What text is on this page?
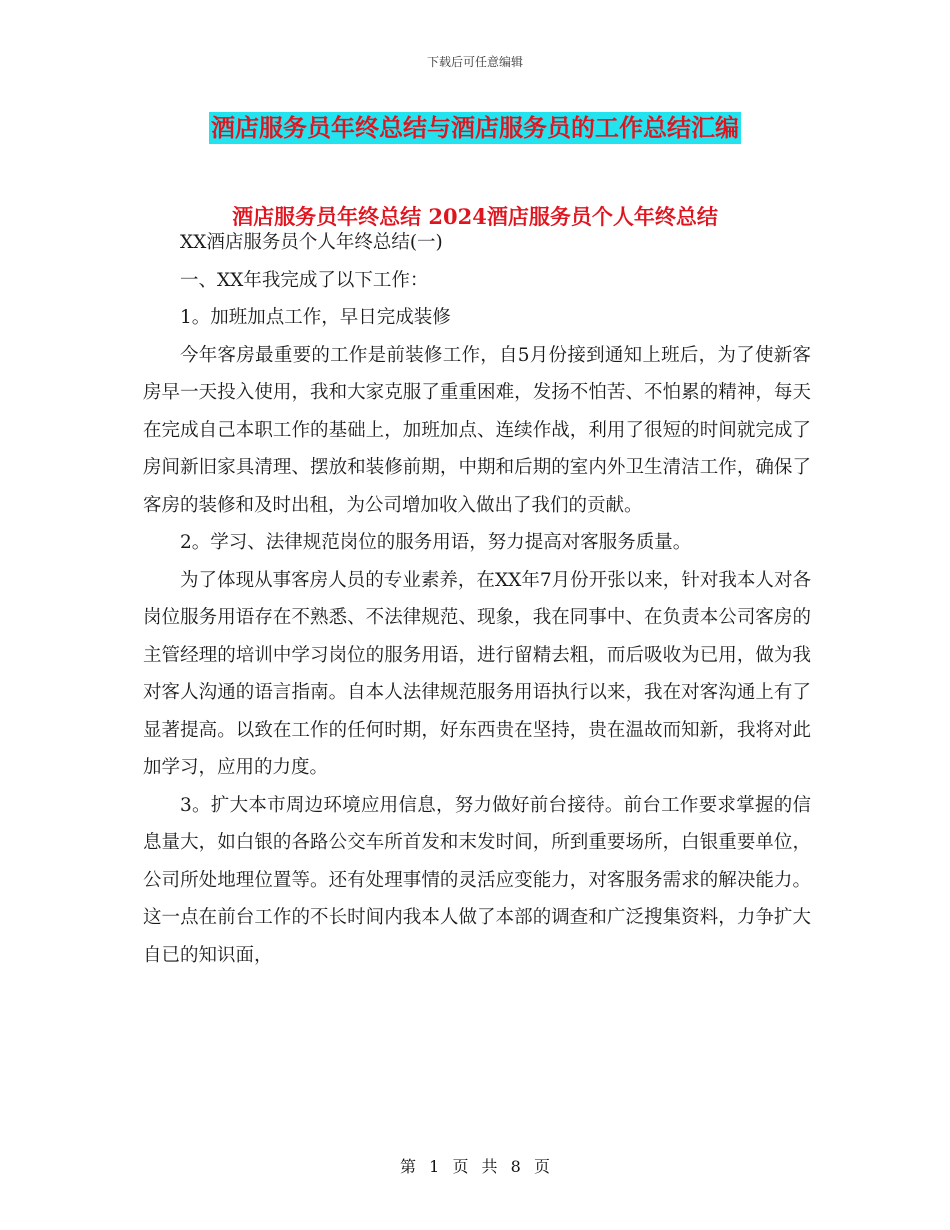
下载后可任意编辑
酒店服务员年终总结与酒店服务员的工作总结汇编
酒店服务员年终总结 2024酒店服务员个人年终总结

XX酒店服务员个人年终总结(一)

一、XX年我完成了以下工作：

1。加班加点工作，早日完成装修

今年客房最重要的工作是前装修工作，自5月份接到通知上班后，为了使新客房早一天投入使用，我和大家克服了重重困难，发扬不怕苦、不怕累的精神，每天在完成自己本职工作的基础上，加班加点、连续作战，利用了很短的时间就完成了房间新旧家具清理、摆放和装修前期，中期和后期的室内外卫生清洁工作，确保了客房的装修和及时出租，为公司增加收入做出了我们的贡献。

2。学习、法律规范岗位的服务用语，努力提高对客服务质量。

为了体现从事客房人员的专业素养，在XX年7月份开张以来，针对我本人对各岗位服务用语存在不熟悉、不法律规范、现象，我在同事中、在负责本公司客房的主管经理的培训中学习岗位的服务用语，进行留精去粗，而后吸收为已用，做为我对客人沟通的语言指南。自本人法律规范服务用语执行以来，我在对客沟通上有了显著提高。以致在工作的任何时期，好东西贵在坚持，贵在温故而知新，我将对此加学习，应用的力度。

3。扩大本市周边环境应用信息，努力做好前台接待。前台工作要求掌握的信息量大，如白银的各路公交车所首发和末发时间，所到重要场所，白银重要单位，公司所处地理位置等。还有处理事情的灵活应变能力，对客服务需求的解决能力。这一点在前台工作的不长时间内我本人做了本部的调查和广泛搜集资料，力争扩大自已的知识面，

第 1 页 共 8 页
